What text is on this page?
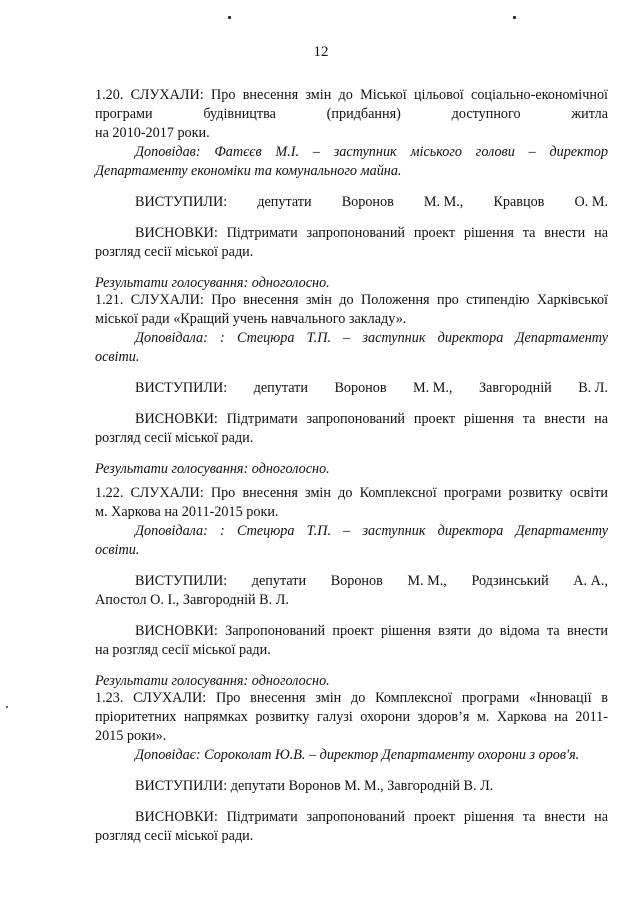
12

1.20. СЛУХАЛИ: Про внесення змін до Міської цільової соціально-економічної

програми будівництва (придбання) доступного житла

на 2010-2017 роки.

Доповідав: Фатєєв М.І. – заступник міського голови – директор

Департаменту економіки та комунального майна.

ВИСТУПИЛИ: депутати Воронов М. М., Кравцов О. М.

ВИСНОВКИ: Підтримати запропонований проект рішення та внести на

розгляд сесії міської ради.

Результати голосування: одноголосно.

1.21. СЛУХАЛИ: Про внесення змін до Положення про стипендію Харківської

міської ради «Кращий учень навчального закладу».

Доповідала: : Стецюра Т.П. – заступник директора Департаменту

освіти.

ВИСТУПИЛИ: депутати Воронов М. М., Завгородній В. Л.

ВИСНОВКИ: Підтримати запропонований проект рішення та внести на

розгляд сесії міської ради.

Результати голосування: одноголосно.

1.22. СЛУХАЛИ: Про внесення змін до Комплексної програми розвитку освіти

м. Харкова на 2011-2015 роки.

Доповідала: : Стецюра Т.П. – заступник директора Департаменту

освіти.

ВИСТУПИЛИ: депутати Воронов М. М., Родзинський А. А.,

Апостол О. І., Завгородній В. Л.

ВИСНОВКИ: Запропонований проект рішення взяти до відома та внести

на розгляд сесії міської ради.

Результати голосування: одноголосно.

1.23. СЛУХАЛИ: Про внесення змін до Комплексної програми «Інновації в

пріоритетних напрямках розвитку галузі охорони здоров’я м. Харкова на 2011-

2015 роки».

Доповідає: Сороколат Ю.В. – директор Департаменту охорони з оров'я.

ВИСТУПИЛИ: депутати Воронов М. М., Завгородній В. Л.

ВИСНОВКИ: Підтримати запропонований проект рішення та внести на

розгляд сесії міської ради.
